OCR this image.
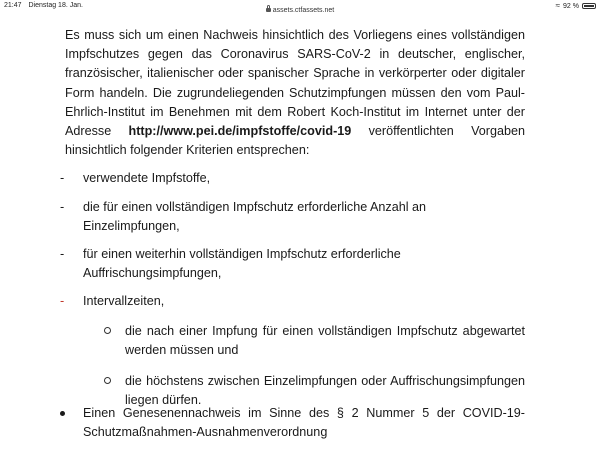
21:47 Dienstag 18. Jan.
assets.ctfassets.net
≈ 92 %

Es muss sich um einen Nachweis hinsichtlich des Vorliegens eines vollständigen Impfschutzes gegen das Coronavirus SARS-CoV-2 in deutscher, englischer, französischer, italienischer oder spanischer Sprache in verkörperter oder digitaler Form handeln. Die zugrundeliegenden Schutzimpfungen müssen den vom Paul-Ehrlich-Institut im Benehmen mit dem Robert Koch-Institut im Internet unter der Adresse http://www.pei.de/impfstoffe/covid-19 veröffentlichten Vorgaben hinsichtlich folgender Kriterien entsprechen:

- verwendete Impfstoffe,
- die für einen vollständigen Impfschutz erforderliche Anzahl an Einzelimpfungen,
- für einen weiterhin vollständigen Impfschutz erforderliche Auffrischungsimpfungen,
- Intervallzeiten,
die nach einer Impfung für einen vollständigen Impfschutz abgewartet werden müssen und
die höchstens zwischen Einzelimpfungen oder Auffrischungsimpfungen liegen dürfen.
Einen Genesenennachweis im Sinne des § 2 Nummer 5 der COVID-19-Schutzmaßnahmen-Ausnahmenverordnung
